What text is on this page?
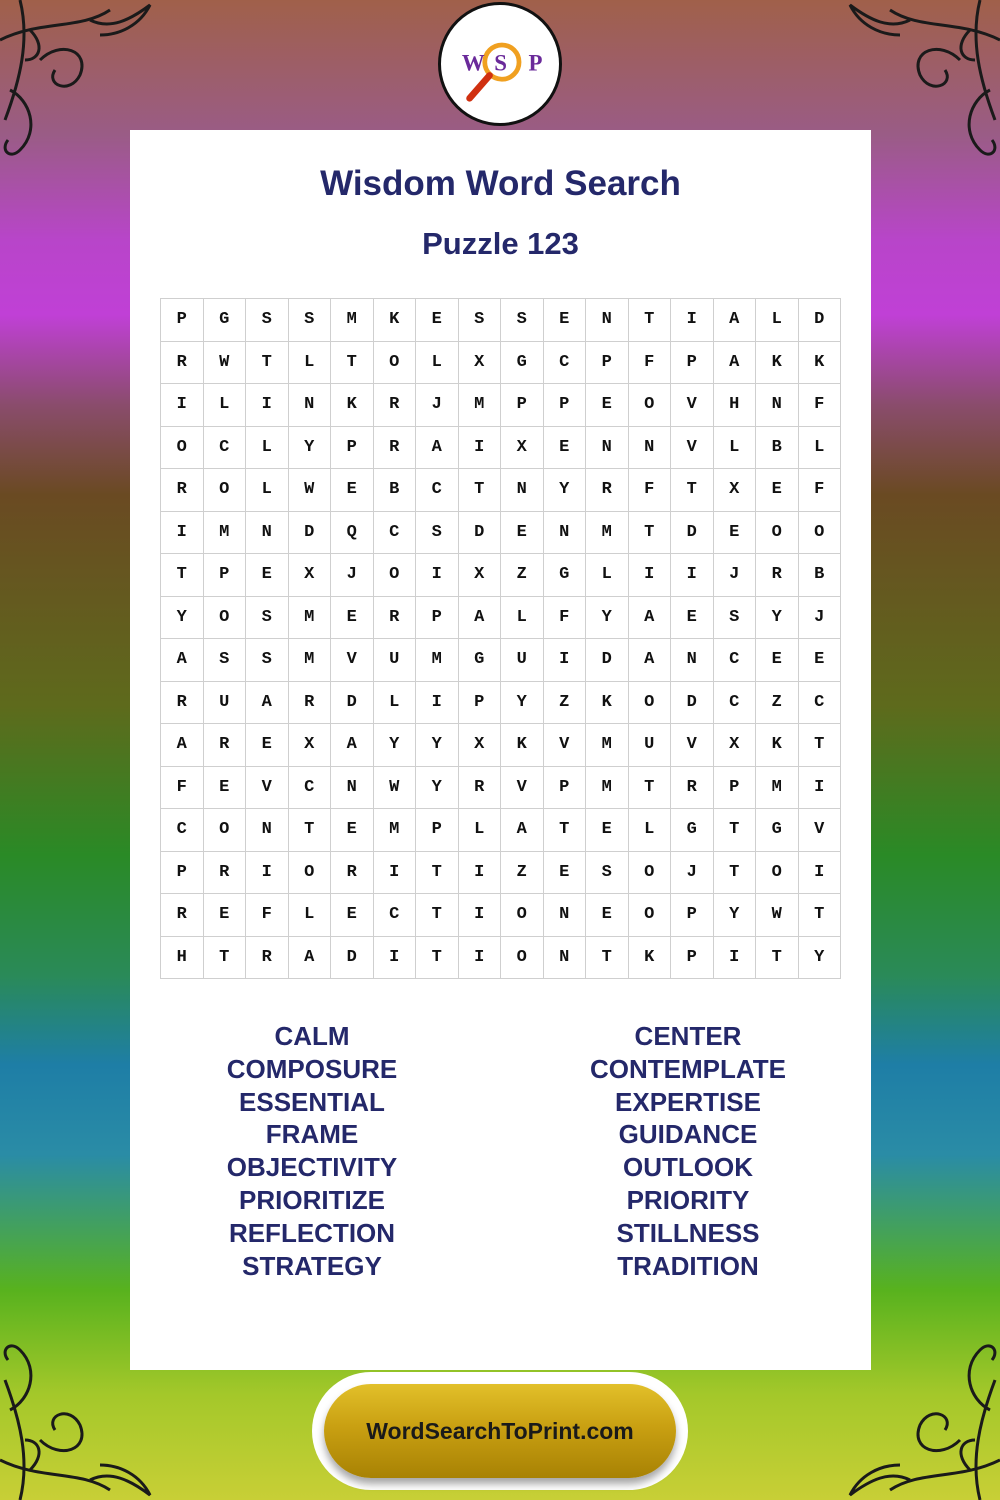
W S P
Wisdom Word Search
Puzzle 123
P	G	S	S	M	K	E	S	S	E	N	T	I	A	L	D
R	W	T	L	T	O	L	X	G	C	P	F	P	A	K	K
I	L	I	N	K	R	J	M	P	P	E	O	V	H	N	F
O	C	L	Y	P	R	A	I	X	E	N	N	V	L	B	L
R	O	L	W	E	B	C	T	N	Y	R	F	T	X	E	F
I	M	N	D	Q	C	S	D	E	N	M	T	D	E	O	O
T	P	E	X	J	O	I	X	Z	G	L	I	I	J	R	B
Y	O	S	M	E	R	P	A	L	F	Y	A	E	S	Y	J
A	S	S	M	V	U	M	G	U	I	D	A	N	C	E	E
R	U	A	R	D	L	I	P	Y	Z	K	O	D	C	Z	C
A	R	E	X	A	Y	Y	X	K	V	M	U	V	X	K	T
F	E	V	C	N	W	Y	R	V	P	M	T	R	P	M	I
C	O	N	T	E	M	P	L	A	T	E	L	G	T	G	V
P	R	I	O	R	I	T	I	Z	E	S	O	J	T	O	I
R	E	F	L	E	C	T	I	O	N	E	O	P	Y	W	T
H	T	R	A	D	I	T	I	O	N	T	K	P	I	T	Y
CALM
COMPOSURE
ESSENTIAL
FRAME
OBJECTIVITY
PRIORITIZE
REFLECTION
STRATEGY
CENTER
CONTEMPLATE
EXPERTISE
GUIDANCE
OUTLOOK
PRIORITY
STILLNESS
TRADITION
WordSearchToPrint.com
